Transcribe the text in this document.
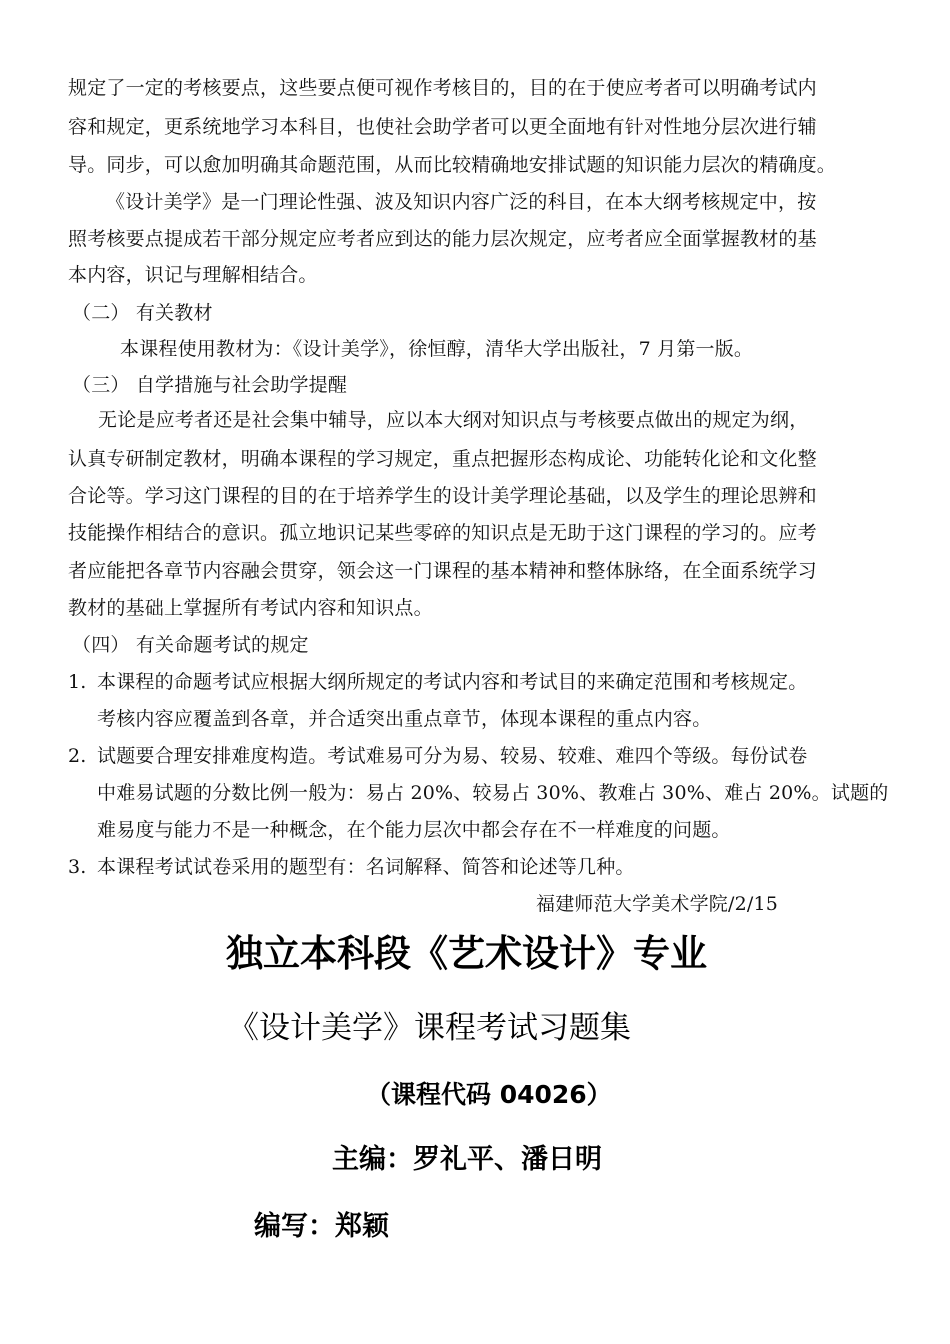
规定了一定的考核要点，这些要点便可视作考核目的，目的在于使应考者可以明确考试内
容和规定，更系统地学习本科目，也使社会助学者可以更全面地有针对性地分层次进行辅
导。同步，可以愈加明确其命题范围，从而比较精确地安排试题的知识能力层次的精确度。
《设计美学》是一门理论性强、波及知识内容广泛的科目，在本大纲考核规定中，按
照考核要点提成若干部分规定应考者应到达的能力层次规定，应考者应全面掌握教材的基
本内容，识记与理解相结合。
（二） 有关教材
本课程使用教材为：《设计美学》，徐恒醇，清华大学出版社，7 月第一版。
（三） 自学措施与社会助学提醒
无论是应考者还是社会集中辅导，应以本大纲对知识点与考核要点做出的规定为纲，
认真专研制定教材，明确本课程的学习规定，重点把握形态构成论、功能转化论和文化整
合论等。学习这门课程的目的在于培养学生的设计美学理论基础，以及学生的理论思辨和
技能操作相结合的意识。孤立地识记某些零碎的知识点是无助于这门课程的学习的。应考
者应能把各章节内容融会贯穿，领会这一门课程的基本精神和整体脉络，在全面系统学习
教材的基础上掌握所有考试内容和知识点。
（四） 有关命题考试的规定
1. 本课程的命题考试应根据大纲所规定的考试内容和考试目的来确定范围和考核规定。
考核内容应覆盖到各章，并合适突出重点章节，体现本课程的重点内容。
2. 试题要合理安排难度构造。考试难易可分为易、较易、较难、难四个等级。每份试卷
中难易试题的分数比例一般为：易占 20%、较易占 30%、教难占 30%、难占 20%。试题的
难易度与能力不是一种概念，在个能力层次中都会存在不一样难度的问题。
3. 本课程考试试卷采用的题型有：名词解释、简答和论述等几种。
福建师范大学美术学院/2/15
独立本科段《艺术设计》专业
《设计美学》课程考试习题集
（课程代码 04026）
主编：罗礼平、潘日明
编写：郑颖
